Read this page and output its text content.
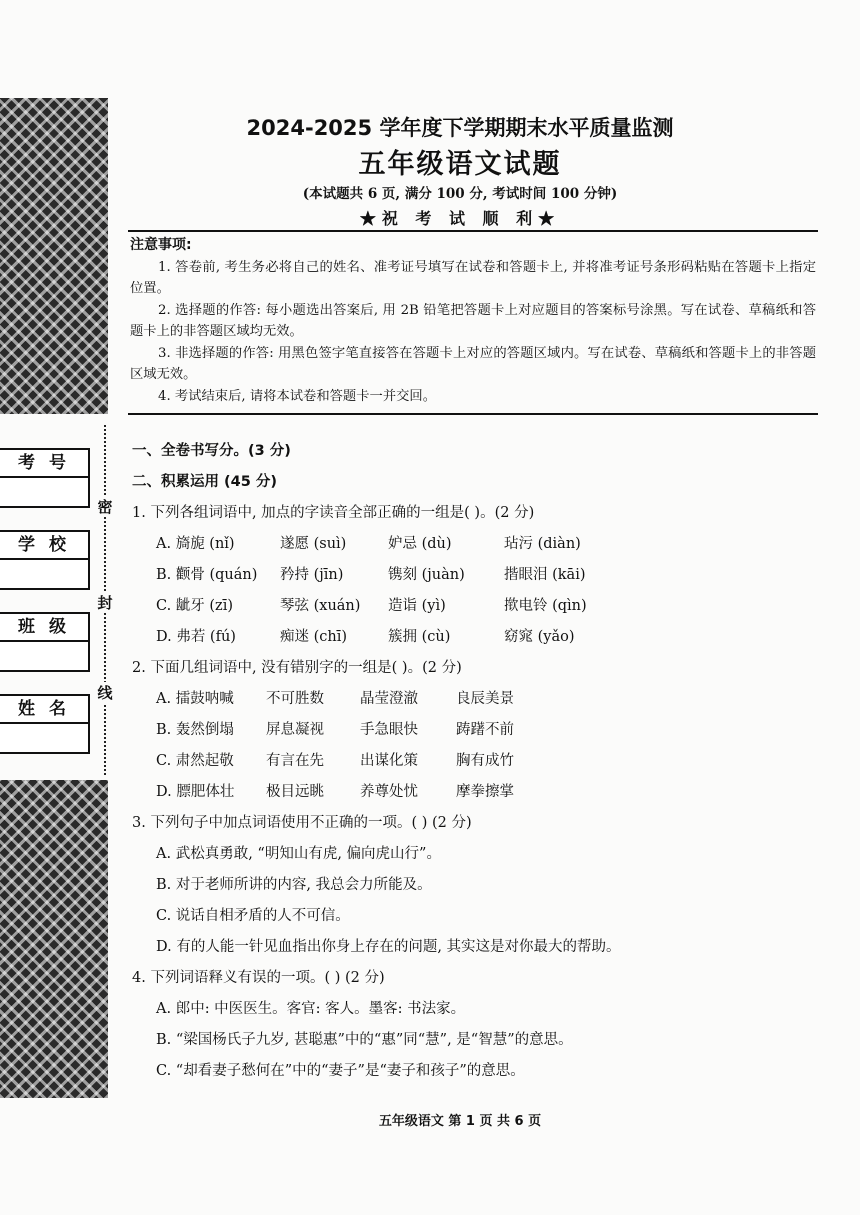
考号
学校
班级
姓名
密
封
线
2024-2025 学年度下学期期末水平质量监测
五年级语文试题
(本试题共 6 页, 满分 100 分, 考试时间 100 分钟)
★祝 考 试 顺 利★
注意事项:

1. 答卷前, 考生务必将自己的姓名、准考证号填写在试卷和答题卡上, 并将准考证号条形码粘贴在答题卡上指定位置。

2. 选择题的作答: 每小题选出答案后, 用 2B 铅笔把答题卡上对应题目的答案标号涂黑。写在试卷、草稿纸和答题卡上的非答题区域均无效。

3. 非选择题的作答: 用黑色签字笔直接答在答题卡上对应的答题区域内。写在试卷、草稿纸和答题卡上的非答题区域无效。

4. 考试结束后, 请将本试卷和答题卡一并交回。

一、全卷书写分。(3 分)
二、积累运用 (45 分)
1. 下列各组词语中, 加点的字读音全部正确的一组是( )。(2 分)
A. 旖旎 (nǐ)	遂愿 (suì)	妒忌 (dù)	玷污 (diàn)
B. 颧骨 (quán) 矜持 (jīn)	镌刻 (juàn)	揩眼泪 (kāi)
C. 龇牙 (zī)	琴弦 (xuán) 造诣 (yì)	揿电铃 (qìn)
D. 弗若 (fú)	痴迷 (chī)	簇拥 (cù)	窈窕 (yǎo)
2. 下面几组词语中, 没有错别字的一组是( )。(2 分)
A. 擂鼓呐喊 不可胜数 晶莹澄澈	良辰美景
B. 轰然倒塌 屏息凝视 手急眼快	踌躇不前
C. 肃然起敬 有言在先 出谋化策	胸有成竹
D. 膘肥体壮 极目远眺 养尊处忧	摩拳擦掌
3. 下列句子中加点词语使用不正确的一项。( ) (2 分)
A. 武松真勇敢, “明知山有虎, 偏向虎山行”。
B. 对于老师所讲的内容, 我总会力所能及。
C. 说话自相矛盾的人不可信。
D. 有的人能一针见血指出你身上存在的问题, 其实这是对你最大的帮助。
4. 下列词语释义有误的一项。( ) (2 分)
A. 郎中: 中医医生。客官: 客人。墨客: 书法家。
B. “梁国杨氏子九岁, 甚聪惠”中的“惠”同“慧”, 是“智慧”的意思。
C. “却看妻子愁何在”中的“妻子”是“妻子和孩子”的意思。
五年级语文 第 1 页 共 6 页
